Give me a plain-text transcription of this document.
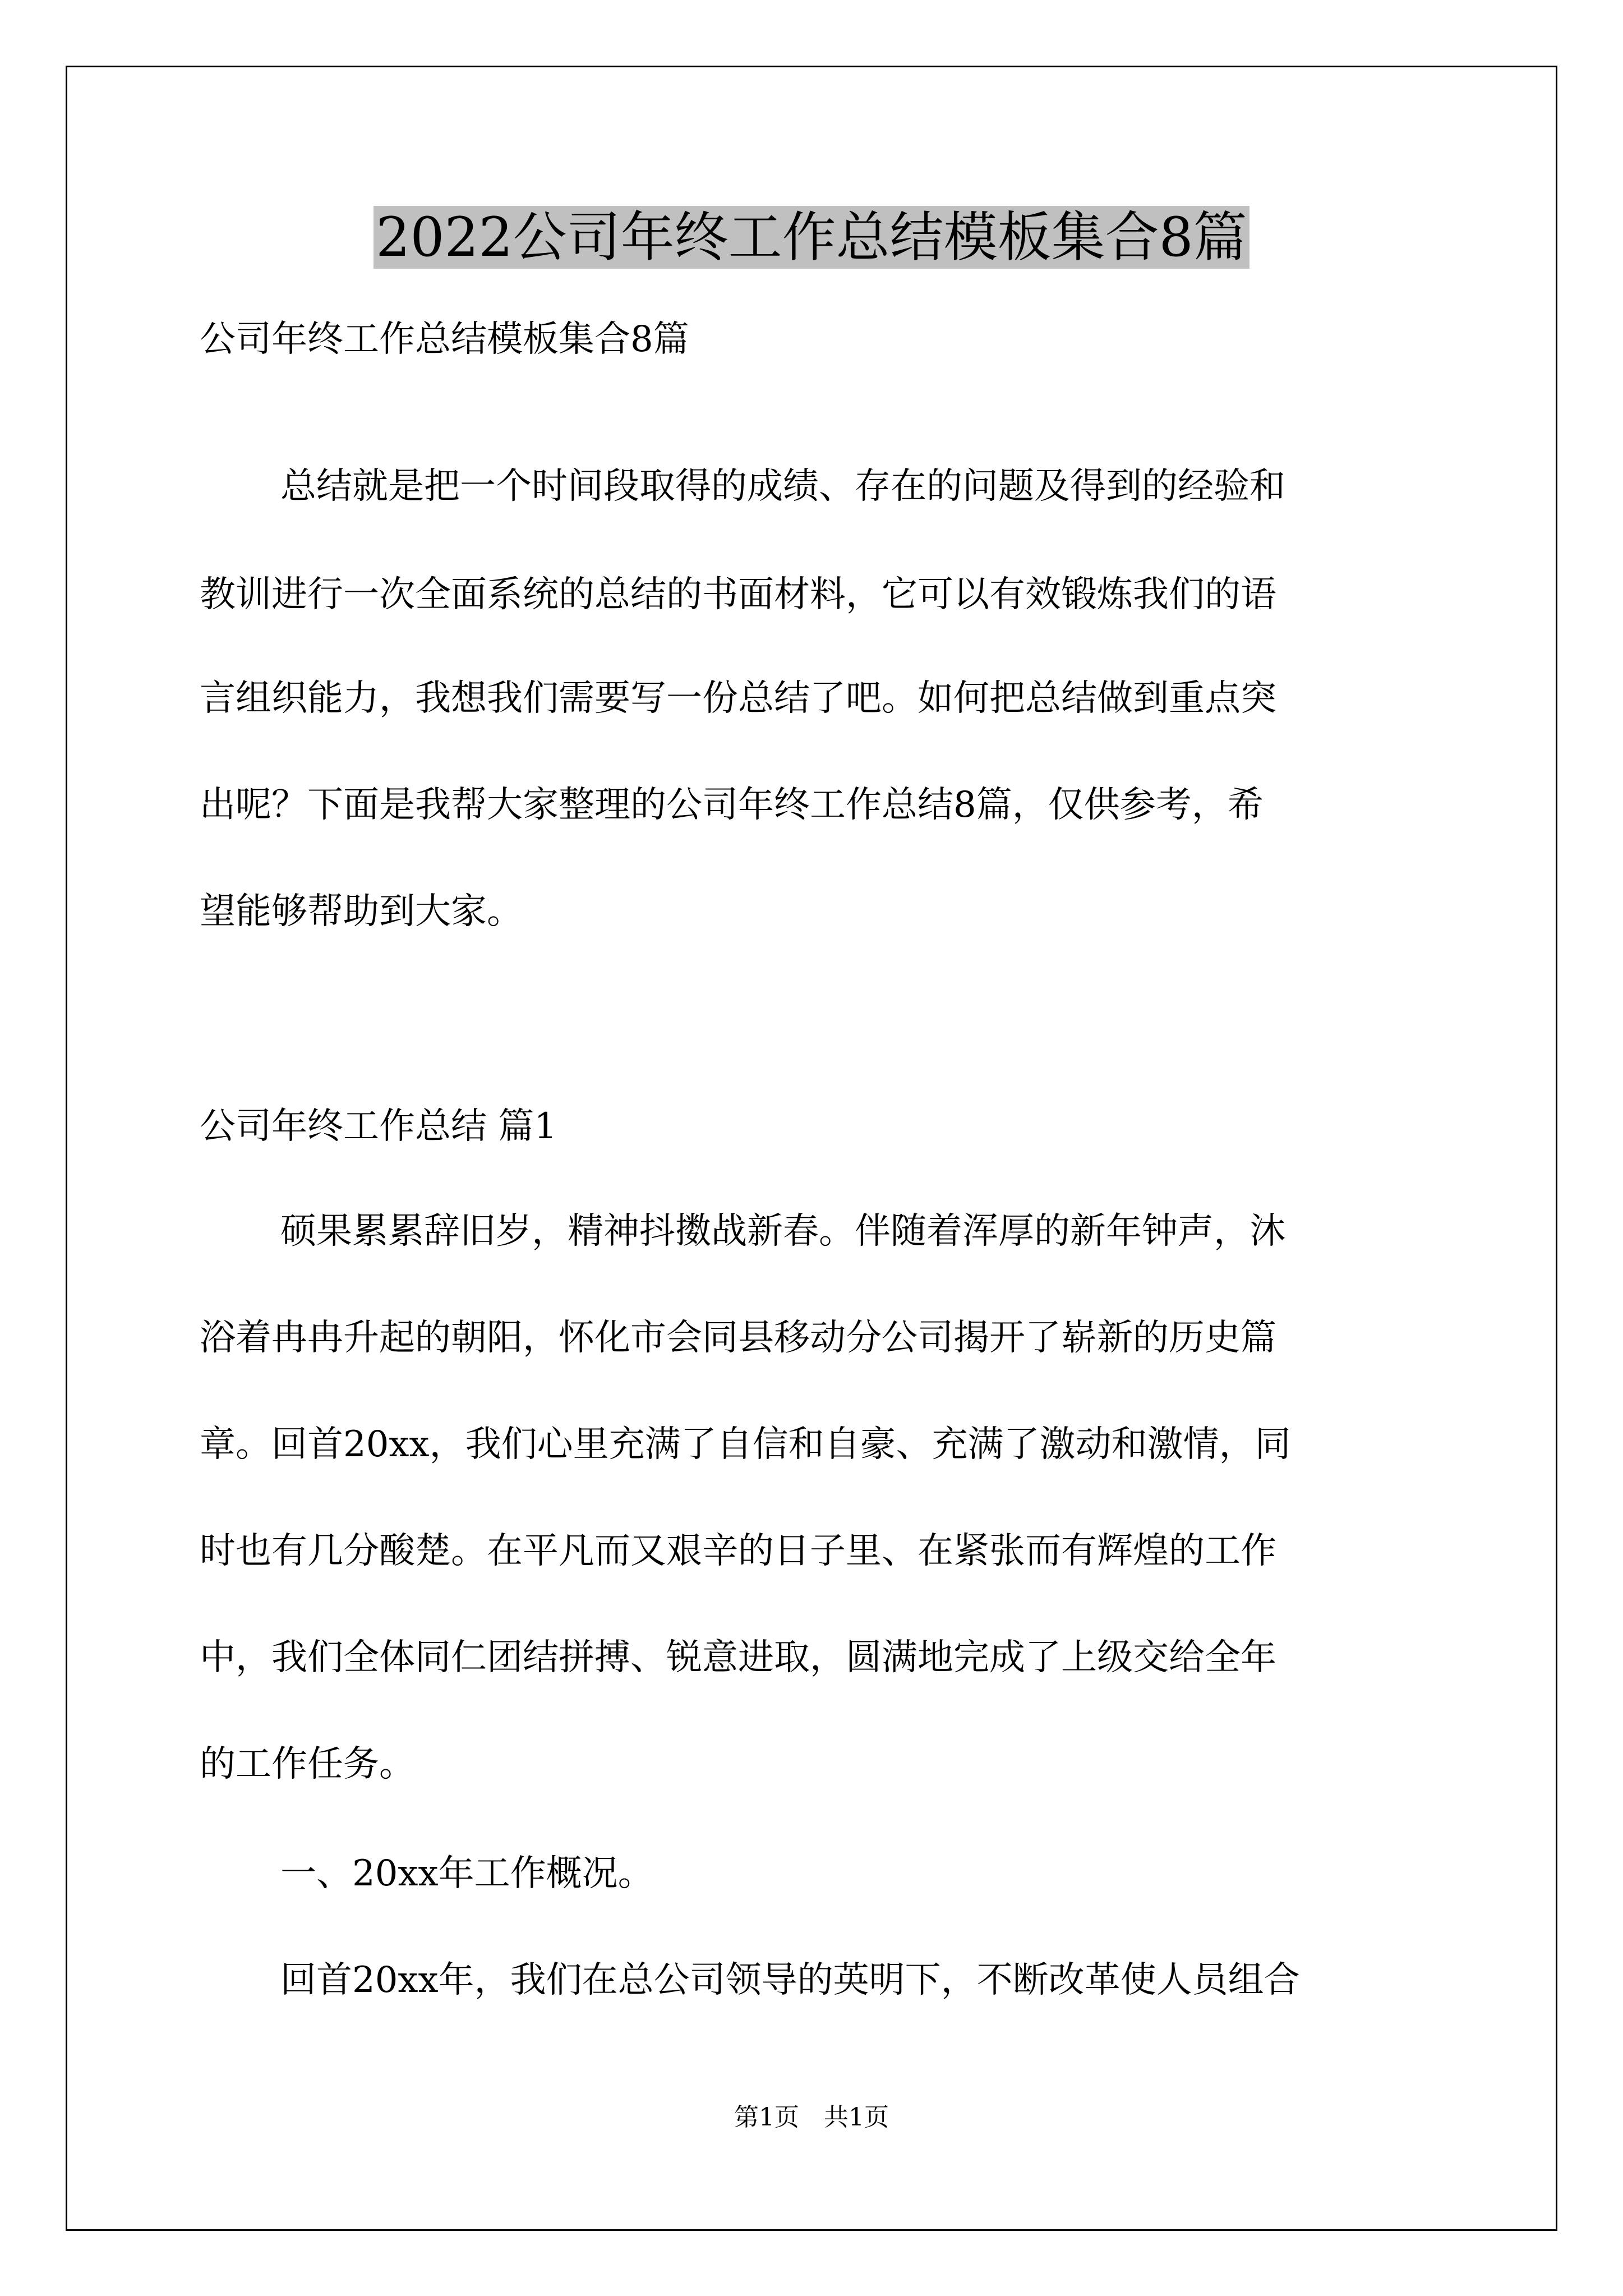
2022公司年终工作总结模板集合8篇
公司年终工作总结模板集合8篇
总结就是把一个时间段取得的成绩、存在的问题及得到的经验和
教训进行一次全面系统的总结的书面材料，它可以有效锻炼我们的语
言组织能力，我想我们需要写一份总结了吧。如何把总结做到重点突
出呢？下面是我帮大家整理的公司年终工作总结8篇，仅供参考，希
望能够帮助到大家。
公司年终工作总结 篇1
硕果累累辞旧岁，精神抖擞战新春。伴随着浑厚的新年钟声，沐
浴着冉冉升起的朝阳，怀化市会同县移动分公司揭开了崭新的历史篇
章。回首20xx，我们心里充满了自信和自豪、充满了激动和激情，同
时也有几分酸楚。在平凡而又艰辛的日子里、在紧张而有辉煌的工作
中，我们全体同仁团结拼搏、锐意进取，圆满地完成了上级交给全年
的工作任务。
一、20xx年工作概况。
回首20xx年，我们在总公司领导的英明下，不断改革使人员组合
第1页　共1页
